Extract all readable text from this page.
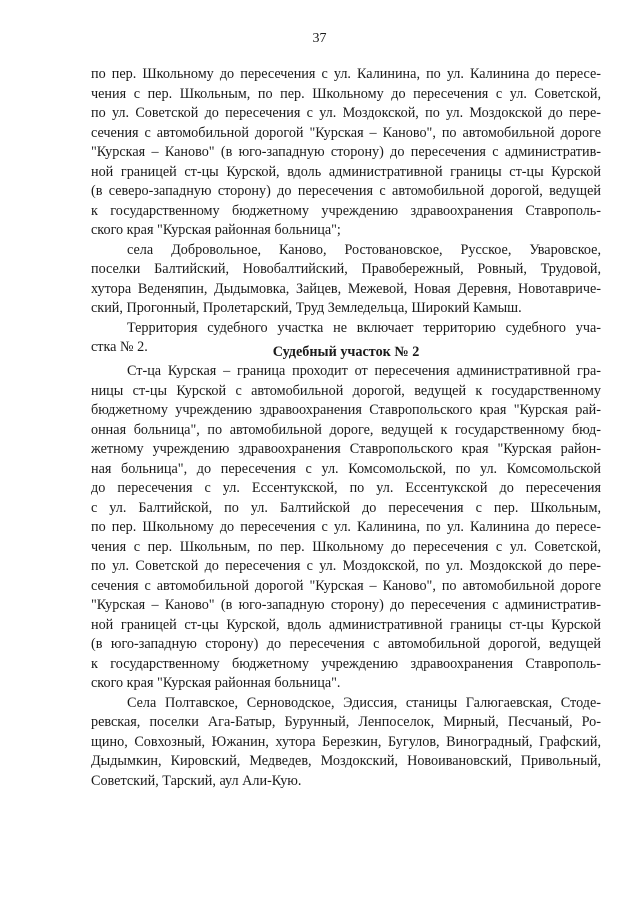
37
по пер. Школьному до пересечения с ул. Калинина, по ул. Калинина до пересе-
чения с пер. Школьным, по пер. Школьному до пересечения с ул. Советской,
по ул. Советской до пересечения с ул. Моздокской, по ул. Моздокской до пере-
сечения с автомобильной дорогой "Курская – Каново", по автомобильной дороге
"Курская – Каново" (в юго-западную сторону) до пересечения с административ-
ной границей ст-цы Курской, вдоль административной границы ст-цы Курской
(в северо-западную сторону) до пересечения с автомобильной дорогой, ведущей
к государственному бюджетному учреждению здравоохранения Ставрополь-
ского края "Курская районная больница";
села Добровольное, Каново, Ростовановское, Русское, Уваровское,
поселки Балтийский, Новобалтийский, Правобережный, Ровный, Трудовой,
хутора Веденяпин, Дыдымовка, Зайцев, Межевой, Новая Деревня, Новотавриче-
ский, Прогонный, Пролетарский, Труд Земледельца, Широкий Камыш.
Территория судебного участка не включает территорию судебного уча-
стка № 2.	Судебный участок № 2
Ст-ца Курская – граница проходит от пересечения административной гра-
ницы ст-цы Курской с автомобильной дорогой, ведущей к государственному
бюджетному учреждению здравоохранения Ставропольского края "Курская рай-
онная больница", по автомобильной дороге, ведущей к государственному бюд-
жетному учреждению здравоохранения Ставропольского края "Курская район-
ная больница", до пересечения с ул. Комсомольской, по ул. Комсомольской
до пересечения с ул. Ессентукской, по ул. Ессентукской до пересечения
с ул. Балтийской, по ул. Балтийской до пересечения с пер. Школьным,
по пер. Школьному до пересечения с ул. Калинина, по ул. Калинина до пересе-
чения с пер. Школьным, по пер. Школьному до пересечения с ул. Советской,
по ул. Советской до пересечения с ул. Моздокской, по ул. Моздокской до пере-
сечения с автомобильной дорогой "Курская – Каново", по автомобильной дороге
"Курская – Каново" (в юго-западную сторону) до пересечения с административ-
ной границей ст-цы Курской, вдоль административной границы ст-цы Курской
(в юго-западную сторону) до пересечения с автомобильной дорогой, ведущей
к государственному бюджетному учреждению здравоохранения Ставрополь-
ского края "Курская районная больница".
Села Полтавское, Серноводское, Эдиссия, станицы Галюгаевская, Стоде-
ревская, поселки Ага-Батыр, Бурунный, Ленпоселок, Мирный, Песчаный, Ро-
щино, Совхозный, Южанин, хутора Березкин, Бугулов, Виноградный, Графский,
Дыдымкин, Кировский, Медведев, Моздокский, Новоивановский, Привольный,
Советский, Тарский, аул Али-Кую.
